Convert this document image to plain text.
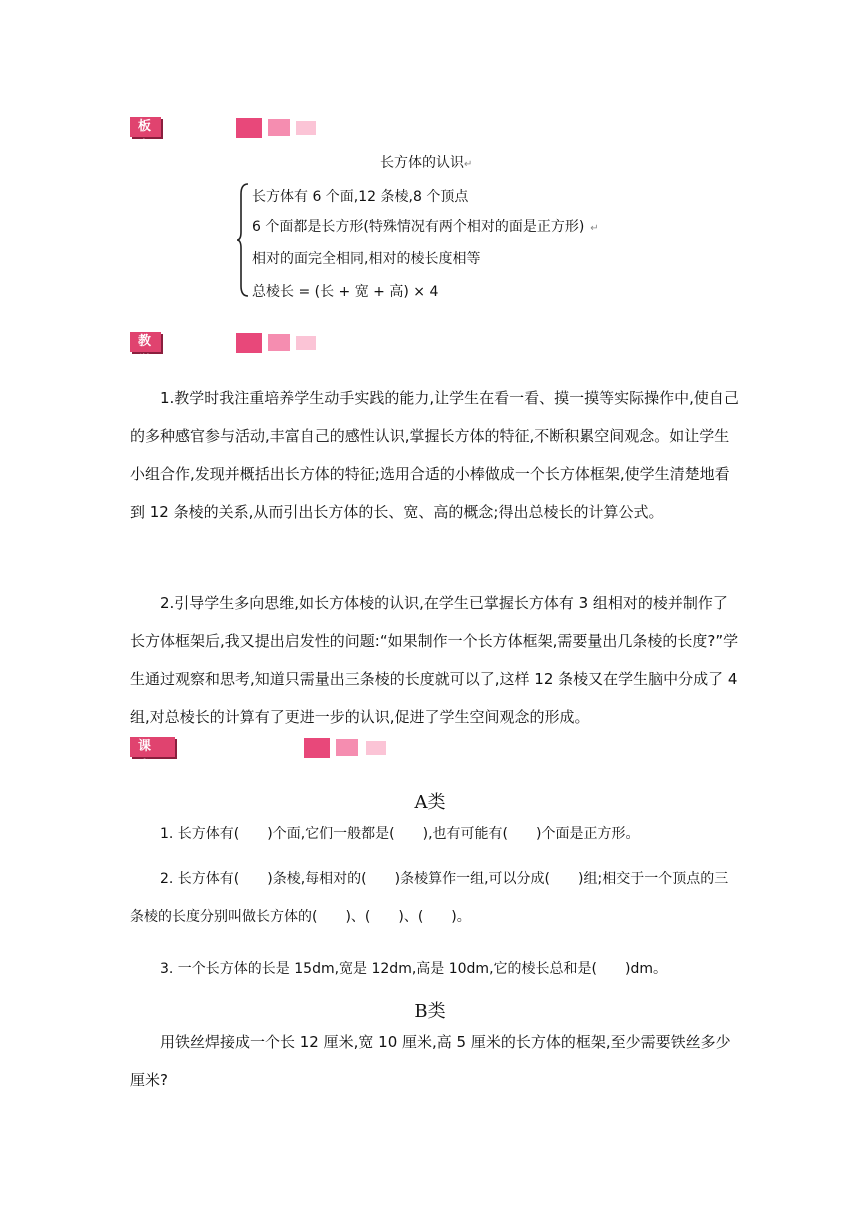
板书设计
长方体的认识↵
长方体有 6 个面,12 条棱,8 个顶点
6 个面都是长方形(特殊情况有两个相对的面是正方形) ↵
相对的面完全相同,相对的棱长度相等
总棱长 = (长 + 宽 + 高) × 4
教学反思 1.教学时我注重培养学生动手实践的能力,让学生在看一看、摸一摸等实际操作中,使自己的多种感官参与活动,丰富自己的感性认识,掌握长方体的特征,不断积累空间观念。如让学生小组合作,发现并概括出长方体的特征;选用合适的小棒做成一个长方体框架,使学生清楚地看到 12 条棱的关系,从而引出长方体的长、宽、高的概念;得出总棱长的计算公式。
2.引导学生多向思维,如长方体棱的认识,在学生已掌握长方体有 3 组相对的棱并制作了长方体框架后,我又提出启发性的问题:“如果制作一个长方体框架,需要量出几条棱的长度?”学生通过观察和思考,知道只需量出三条棱的长度就可以了,这样 12 条棱又在学生脑中分成了 4 组,对总棱长的计算有了更进一步的认识,促进了学生空间观念的形成。
课堂作业新设计
A类
1. 长方体有(　　)个面,它们一般都是(　　),也有可能有(　　)个面是正方形。
2. 长方体有(　　)条棱,每相对的(　　)条棱算作一组,可以分成(　　)组;相交于一个顶点的三条棱的长度分别叫做长方体的(　　)、(　　)、(　　)。
3. 一个长方体的长是 15dm,宽是 12dm,高是 10dm,它的棱长总和是(　　)dm。
B类
用铁丝焊接成一个长 12 厘米,宽 10 厘米,高 5 厘米的长方体的框架,至少需要铁丝多少厘米?
